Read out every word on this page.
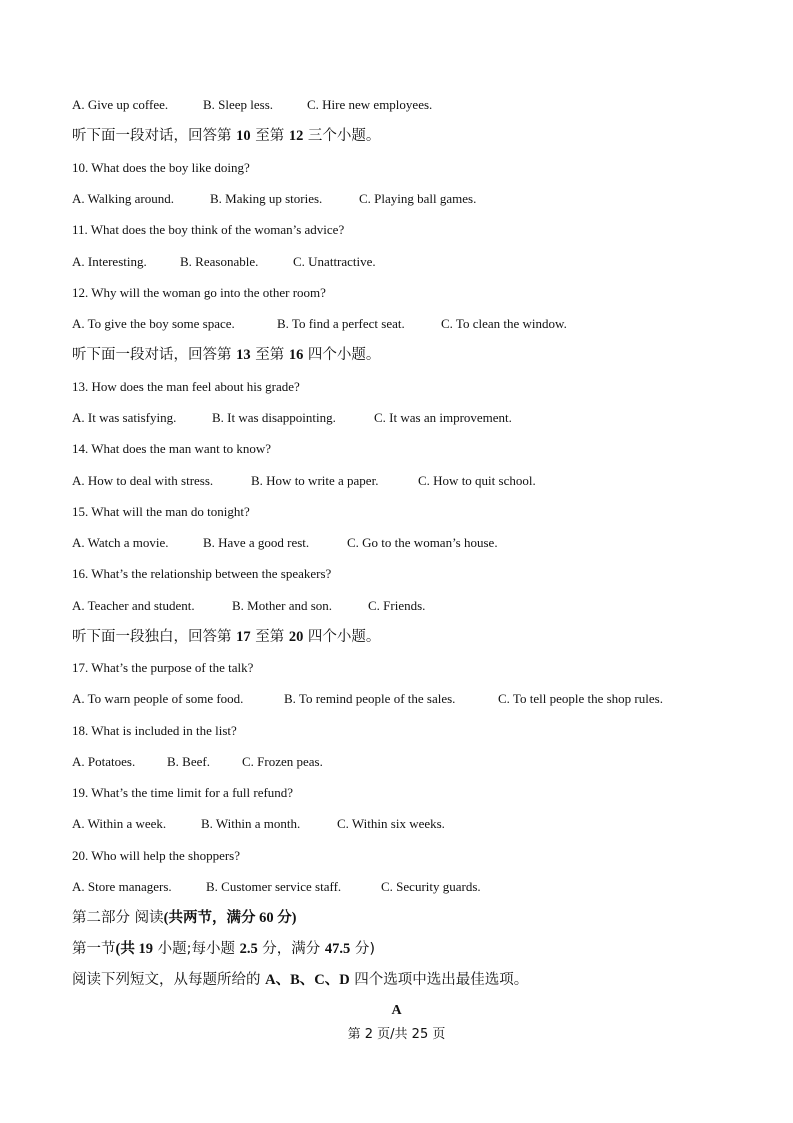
A. Give up coffee.	B. Sleep less.	C. Hire new employees.
听下面一段对话，回答第 10 至第 12 三个小题。
10. What does the boy like doing?
A. Walking around.	B. Making up stories.	C. Playing ball games.
11. What does the boy think of the woman’s advice?
A. Interesting.	B. Reasonable.	C. Unattractive.
12. Why will the woman go into the other room?
A. To give the boy some space.	B. To find a perfect seat.	C. To clean the window.
听下面一段对话，回答第 13 至第 16 四个小题。
13. How does the man feel about his grade?
A. It was satisfying.	B. It was disappointing.	C. It was an improvement.
14. What does the man want to know?
A. How to deal with stress.	B. How to write a paper.	C. How to quit school.
15. What will the man do tonight?
A. Watch a movie.	B. Have a good rest.	C. Go to the woman’s house.
16. What’s the relationship between the speakers?
A. Teacher and student.	B. Mother and son.	C. Friends.
听下面一段独白，回答第 17 至第 20 四个小题。
17. What’s the purpose of the talk?
A. To warn people of some food.	B. To remind people of the sales.	C. To tell people the shop rules.
18. What is included in the list?
A. Potatoes. B. Beef. C. Frozen peas.
19. What’s the time limit for a full refund?
A. Within a week.	B. Within a month.	C. Within six weeks.
20. Who will help the shoppers?
A. Store managers.	B. Customer service staff.	C. Security guards.
第二部分 阅读(共两节，满分 60 分)
第一节(共 19 小题;每小题 2.5 分，满分 47.5 分)
阅读下列短文，从每题所给的 A、B、C、D 四个选项中选出最佳选项。
A
第 2 页/共 25 页
